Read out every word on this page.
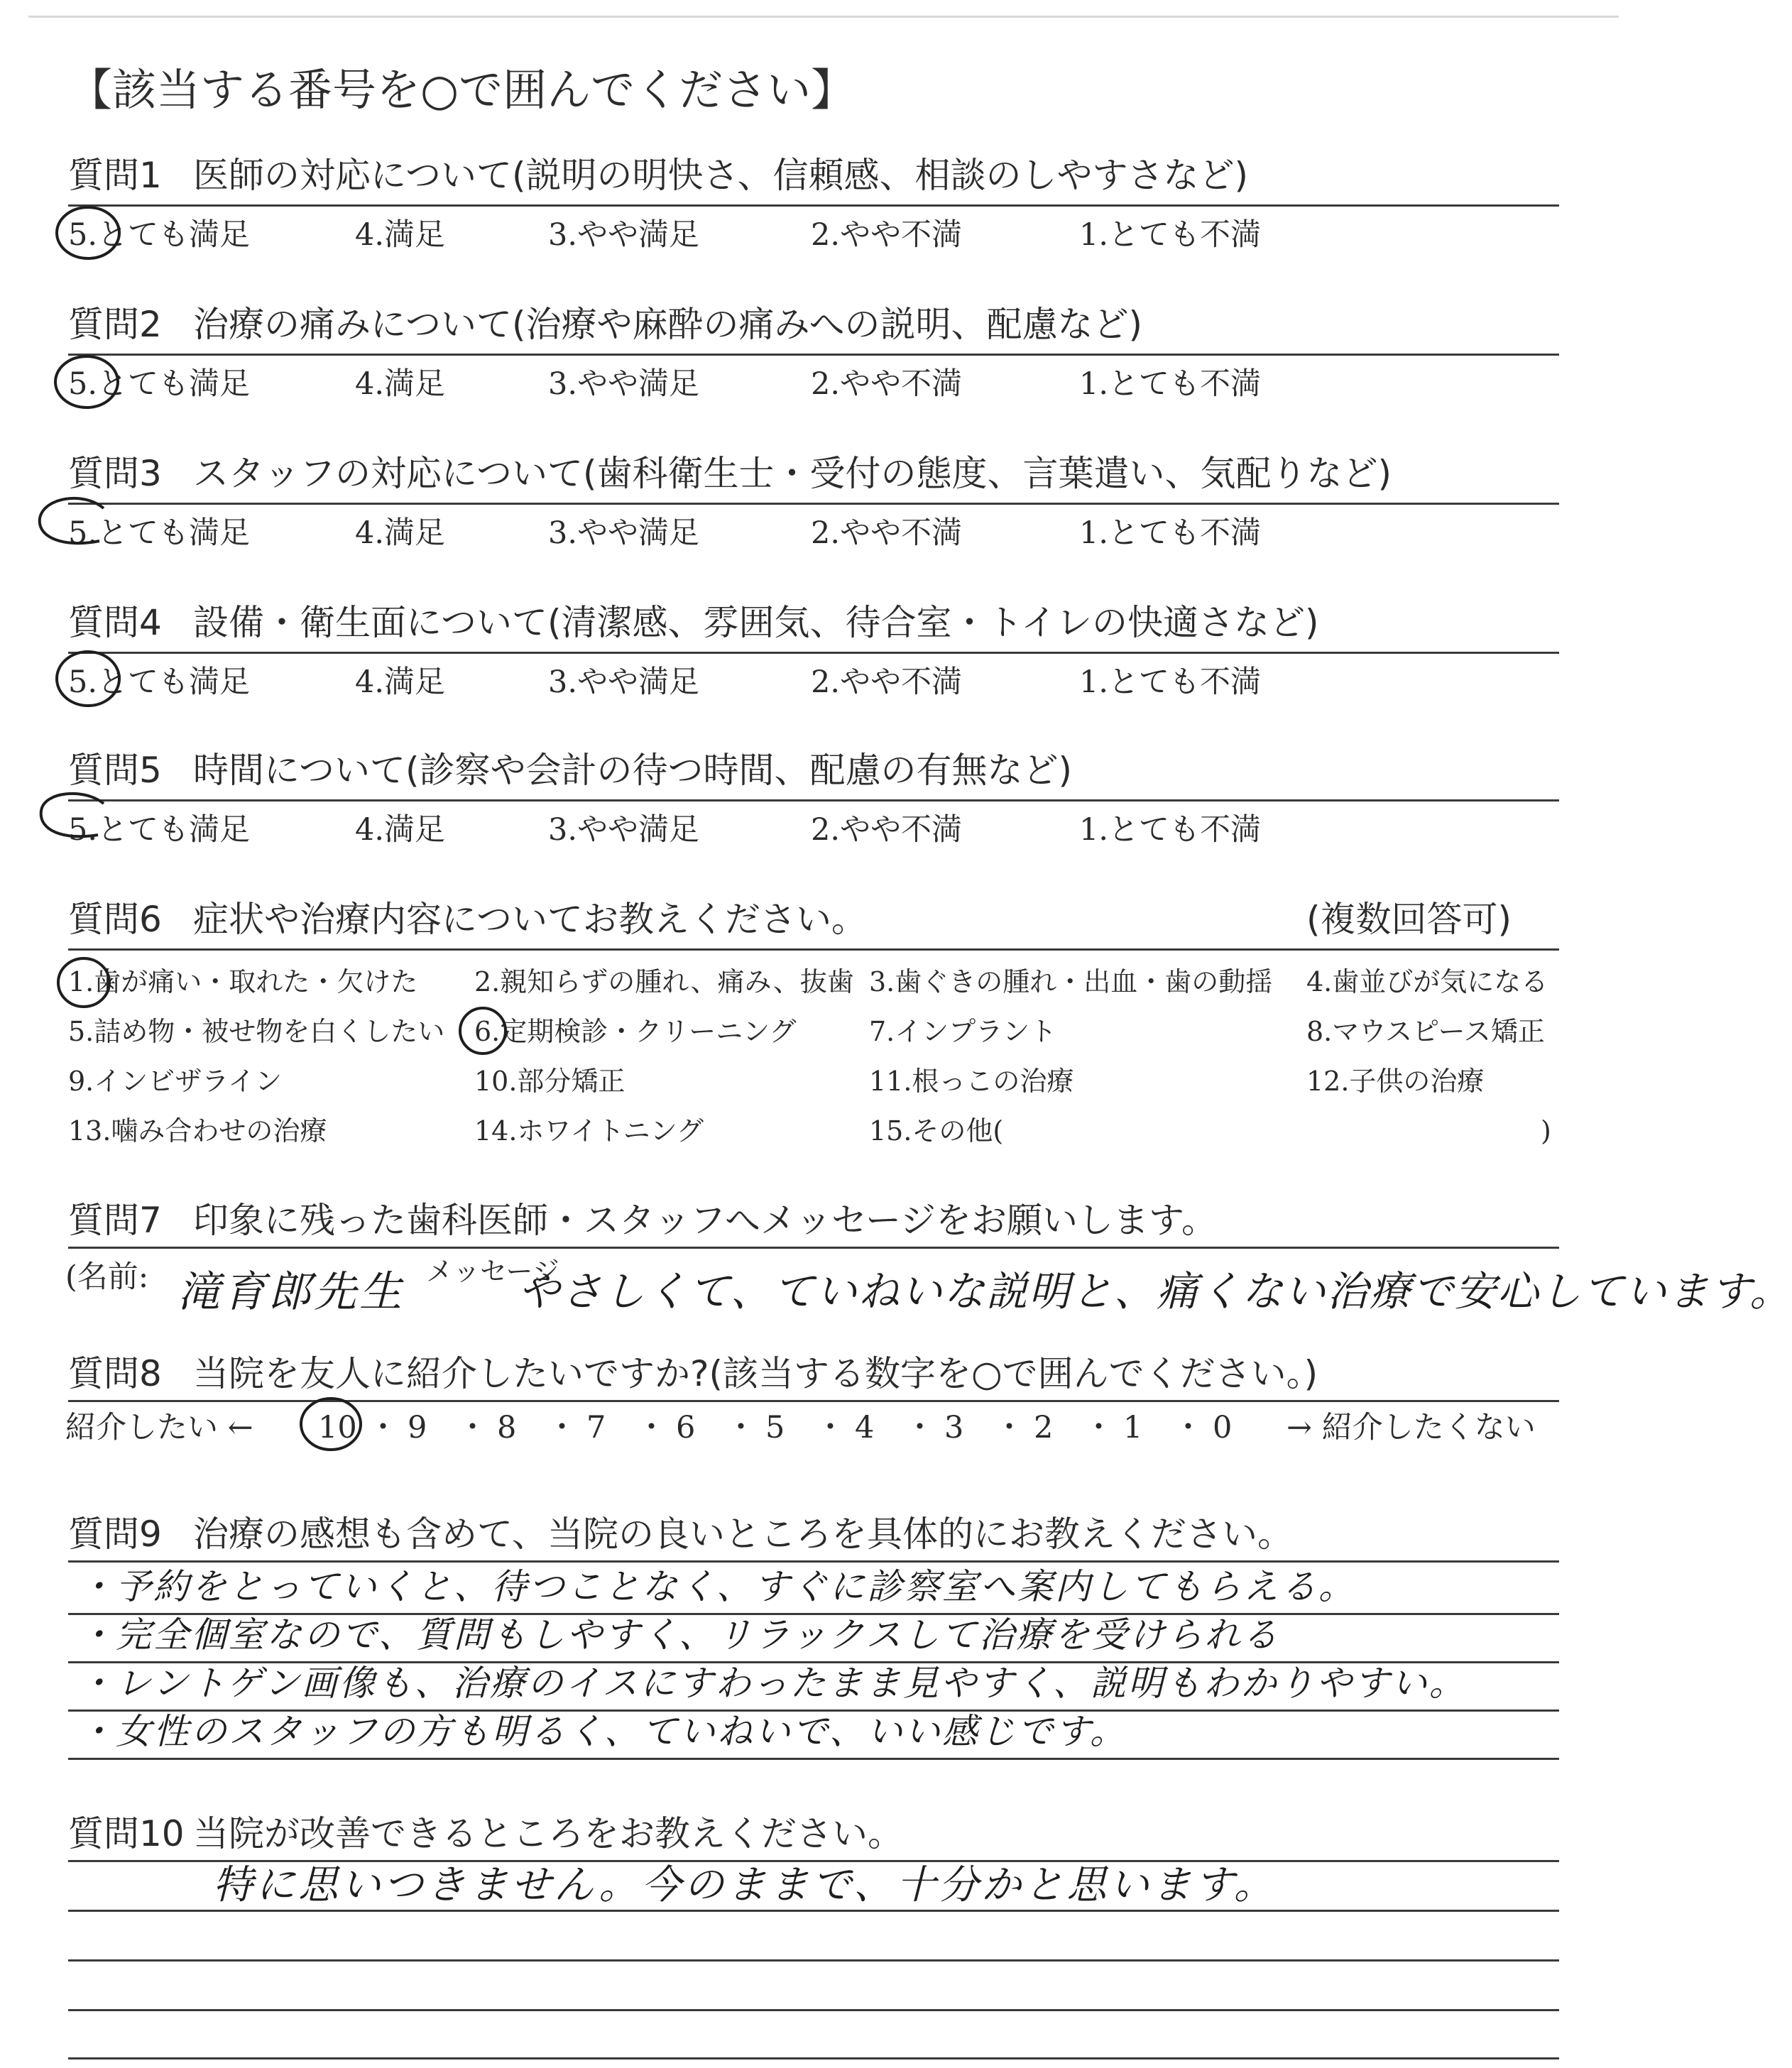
【該当する番号を○で囲んでください】
質問1 医師の対応について(説明の明快さ、信頼感、相談のしやすさなど)
5.とても満足	4.満足	3.やや満足	2.やや不満	1.とても不満
質問2 治療の痛みについて(治療や麻酔の痛みへの説明、配慮など)
5.とても満足	4.満足	3.やや満足	2.やや不満	1.とても不満
質問3 スタッフの対応について(歯科衛生士・受付の態度、言葉遣い、気配りなど)
5.とても満足	4.満足	3.やや満足	2.やや不満	1.とても不満
質問4 設備・衛生面について(清潔感、雰囲気、待合室・トイレの快適さなど)
5.とても満足	4.満足	3.やや満足	2.やや不満	1.とても不満
質問5 時間について(診察や会計の待つ時間、配慮の有無など)
5.とても満足	4.満足	3.やや満足	2.やや不満	1.とても不満
質問6 症状や治療内容についてお教えください。	(複数回答可)
1.歯が痛い・取れた・欠けた 2.親知らずの腫れ、痛み、抜歯 3.歯ぐきの腫れ・出血・歯の動揺 4.歯並びが気になる
5.詰め物・被せ物を白くしたい 6.定期検診・クリーニング	7.インプラント	8.マウスピース矯正
9.インビザライン	10.部分矯正	11.根っこの治療	12.子供の治療
13.噛み合わせの治療	14.ホワイトニング	15.その他(	)
質問7 印象に残った歯科医師・スタッフへメッセージをお願いします。
(名前:	メッセージ
滝育郎先生	やさしくて、ていねいな説明と、痛くない治療で安心しています。
質問8 当院を友人に紹介したいですか?(該当する数字を○で囲んでください。)
紹介したい ←	→ 紹介したくない
10 ・ 9 ・ 8 ・ 7 ・ 6 ・ 5 ・ 4 ・ 3 ・ 2 ・ 1 ・ 0
質問9 治療の感想も含めて、当院の良いところを具体的にお教えください。
・予約をとっていくと、待つことなく、すぐに診察室へ案内してもらえる。
・完全個室なので、質問もしやすく、リラックスして治療を受けられる
・レントゲン画像も、治療のイスにすわったまま見やすく、説明もわかりやすい。
・女性のスタッフの方も明るく、ていねいで、いい感じです。
質問10 当院が改善できるところをお教えください。
特に思いつきません。今のままで、十分かと思います。
